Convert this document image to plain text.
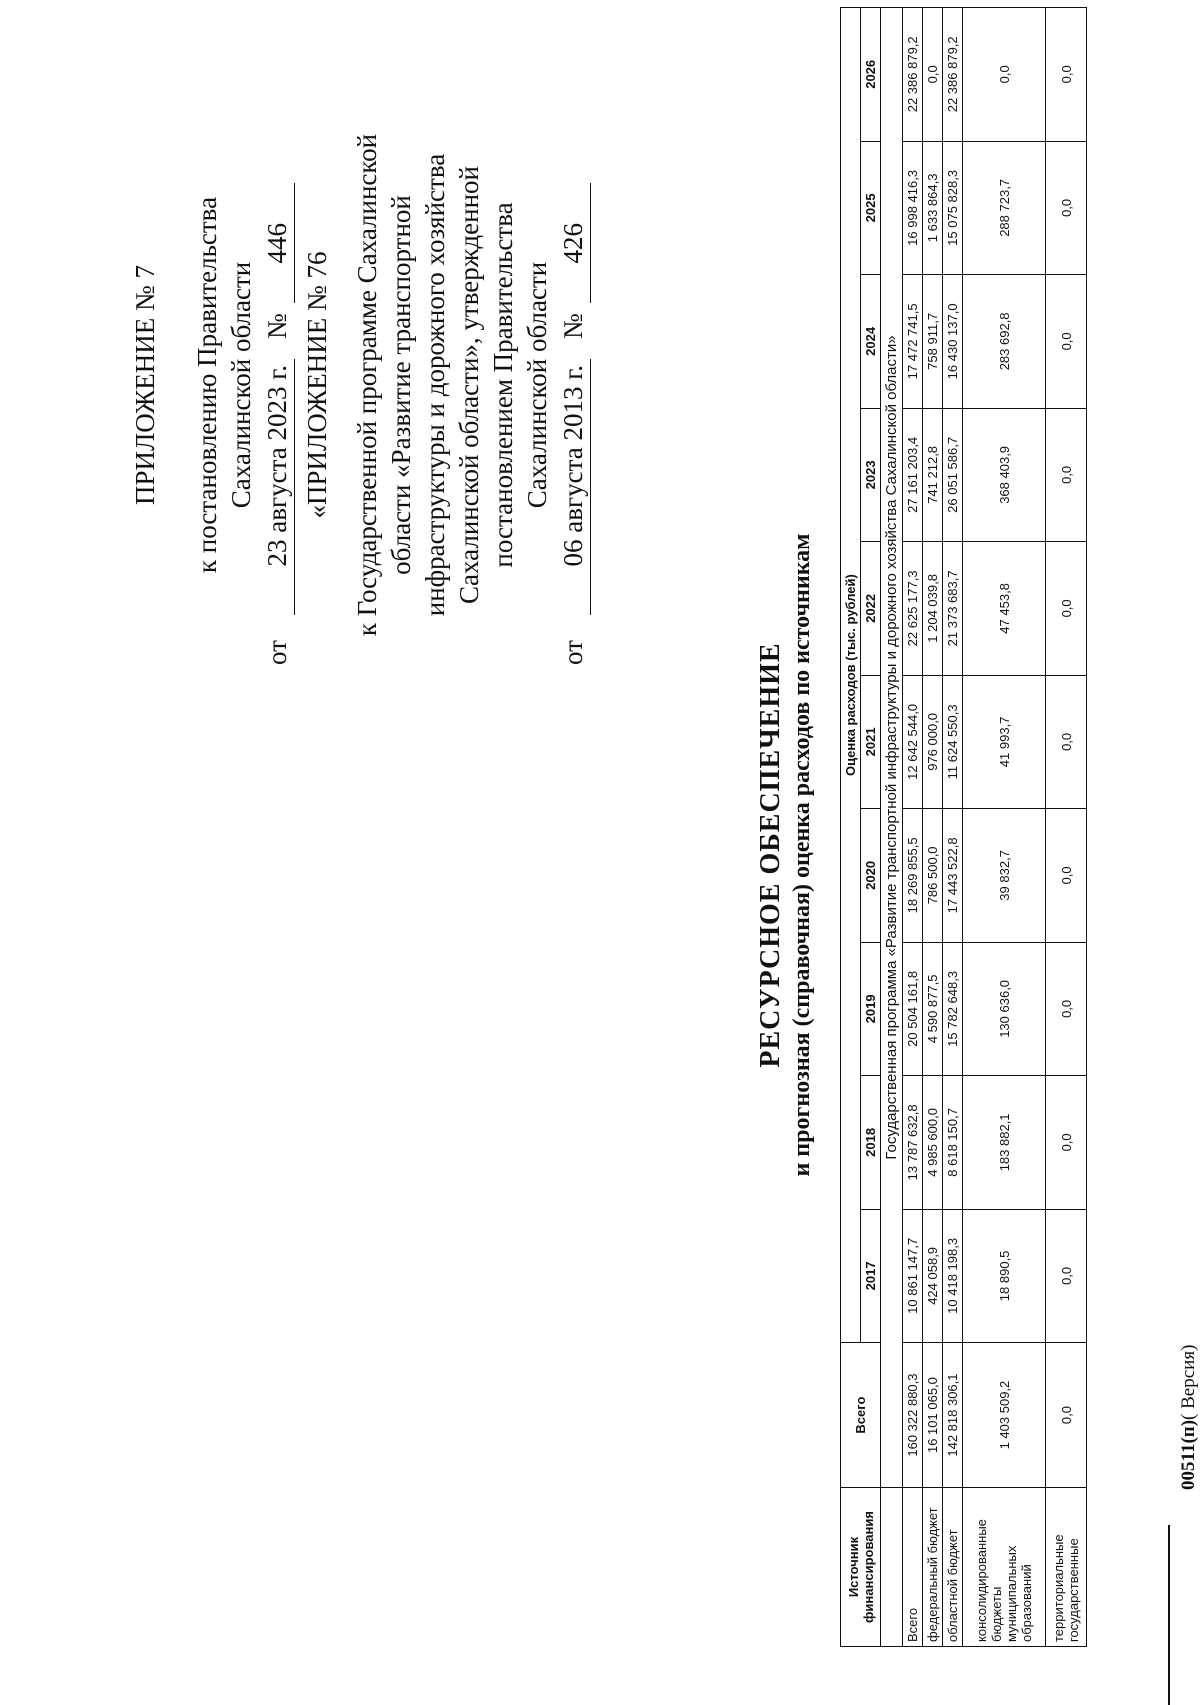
ПРИЛОЖЕНИЕ № 7 к постановлению Правительства Сахалинской области
от
23 августа 2023 г.
№
446
«ПРИЛОЖЕНИЕ № 76 к Государственной программе Сахалинской области «Развитие транспортной инфраструктуры и дорожного хозяйства Сахалинской области», утвержденной постановлением Правительства Сахалинской области
от
06 августа 2013 г.
№
426
РЕСУРСНОЕ ОБЕСПЕЧЕНИЕ и прогнозная (справочная) оценка расходов по источникам
Источник финансирования	Всего	Оценка расходов (тыс. рублей)									
		2017	2018	2019	2020	2021	2022	2023	2024	2025	2026
	Государственная программа «Развитие транспортной инфраструктуры и дорожного хозяйства Сахалинской области»										
Всего	160 322 880,3	10 861 147,7	13 787 632,8	20 504 161,8	18 269 855,5	12 642 544,0	22 625 177,3	27 161 203,4	17 472 741,5	16 998 416,3	22 386 879,2
федеральный бюджет	16 101 065,0	424 058,9	4 985 600,0	4 590 877,5	786 500,0	976 000,0	1 204 039,8	741 212,8	758 911,7	1 633 864,3	0,0
областной бюджет	142 818 306,1	10 418 198,3	8 618 150,7	15 782 648,3	17 443 522,8	11 624 550,3	21 373 683,7	26 051 586,7	16 430 137,0	15 075 828,3	22 386 879,2
консолидированные бюджеты муниципальных образований	1 403 509,2	18 890,5	183 882,1	130 636,0	39 832,7	41 993,7	47 453,8	368 403,9	283 692,8	288 723,7	0,0
территориальные государственные	0,0	0,0	0,0	0,0	0,0	0,0	0,0	0,0	0,0	0,0	0,0
00511(п)( Версия)
